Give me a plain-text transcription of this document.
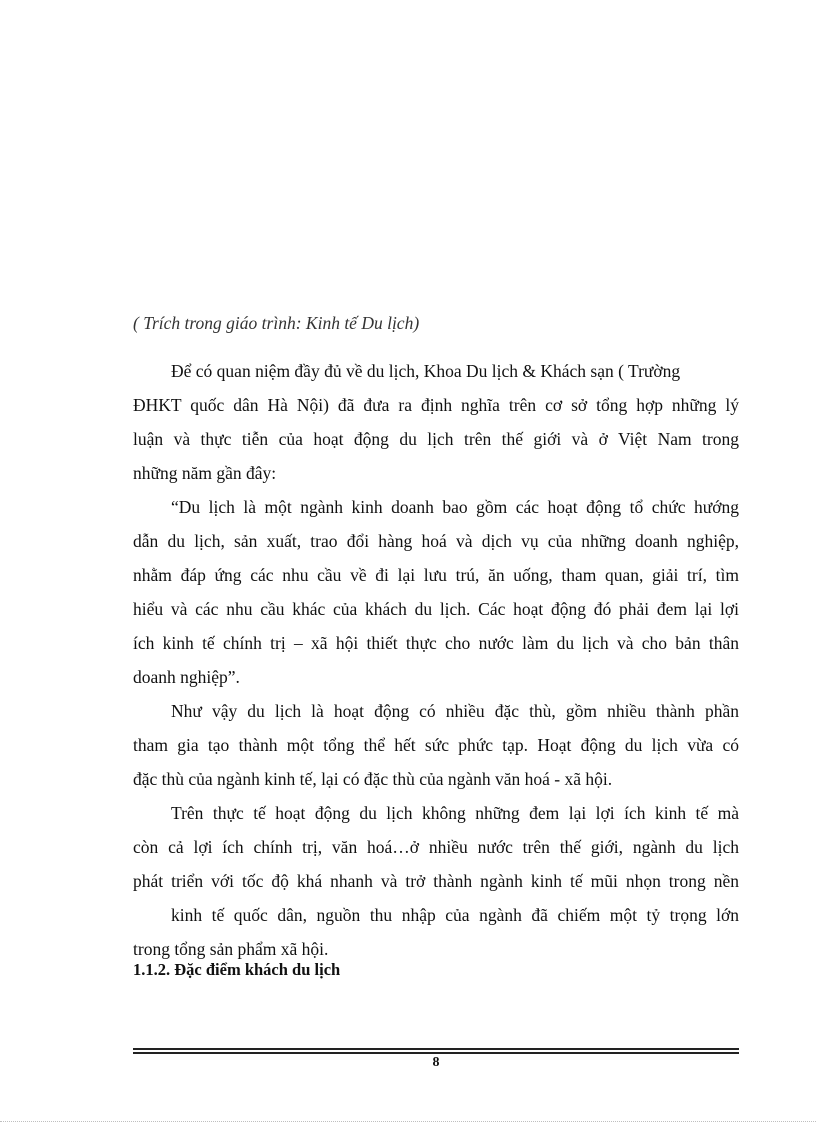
( Trích trong giáo trình: Kinh tế Du lịch)
Để có quan niệm đầy đủ về du lịch, Khoa Du lịch & Khách sạn ( Trường
ĐHKT quốc dân Hà Nội) đã đưa ra định nghĩa trên cơ sở tổng hợp những lý
luận và thực tiễn của hoạt động du lịch trên thế giới và ở Việt Nam trong
những năm gần đây:
“Du lịch là một ngành kinh doanh bao gồm các hoạt động tổ chức hướng
dẫn du lịch, sản xuất, trao đổi hàng hoá và dịch vụ của những doanh nghiệp,
nhằm đáp ứng các nhu cầu về đi lại lưu trú, ăn uống, tham quan, giải trí, tìm
hiểu và các nhu cầu khác của khách du lịch. Các hoạt động đó phải đem lại lợi
ích kinh tế chính trị – xã hội thiết thực cho nước làm du lịch và cho bản thân
doanh nghiệp”.
Như vậy du lịch là hoạt động có nhiều đặc thù, gồm nhiều thành phần
tham gia tạo thành một tổng thể hết sức phức tạp. Hoạt động du lịch vừa có
đặc thù của ngành kinh tế, lại có đặc thù của ngành văn hoá - xã hội.
Trên thực tế hoạt động du lịch không những đem lại lợi ích kinh tế mà
còn cả lợi ích chính trị, văn hoá…ở nhiều nước trên thế giới, ngành du lịch
phát triển với tốc độ khá nhanh và trở thành ngành kinh tế mũi nhọn trong nền
kinh tế quốc dân, nguồn thu nhập của ngành đã chiếm một tỷ trọng lớn
trong tổng sản phẩm xã hội.
1.1.2. Đặc điểm khách du lịch
8
